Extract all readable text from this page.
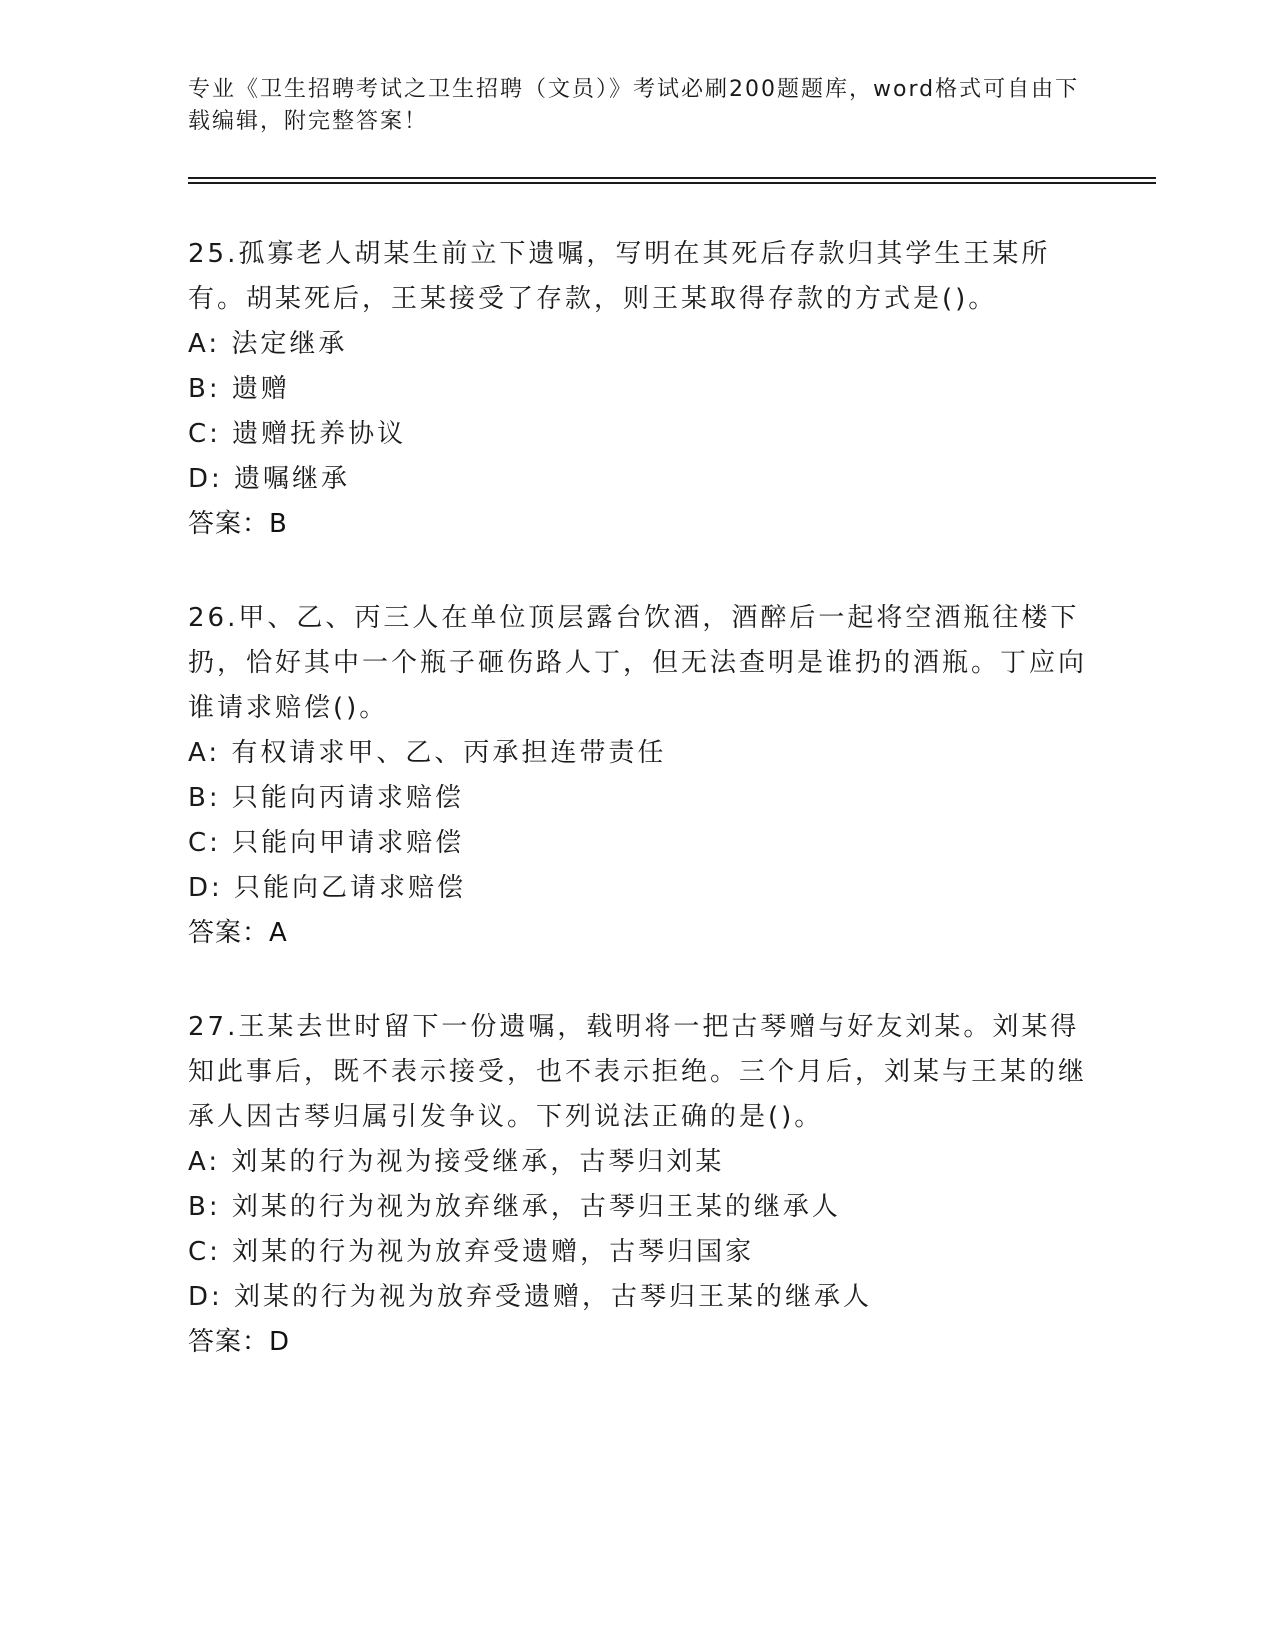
专业《卫生招聘考试之卫生招聘（文员）》考试必刷200题题库，word格式可自由下载编辑，附完整答案！
25.孤寡老人胡某生前立下遗嘱，写明在其死后存款归其学生王某所有。胡某死后，王某接受了存款，则王某取得存款的方式是()。
A: 法定继承
B: 遗赠
C: 遗赠抚养协议
D: 遗嘱继承
答案：B
26.甲、乙、丙三人在单位顶层露台饮酒，酒醉后一起将空酒瓶往楼下扔，恰好其中一个瓶子砸伤路人丁，但无法查明是谁扔的酒瓶。丁应向谁请求赔偿()。
A: 有权请求甲、乙、丙承担连带责任
B: 只能向丙请求赔偿
C: 只能向甲请求赔偿
D: 只能向乙请求赔偿
答案：A
27.王某去世时留下一份遗嘱，载明将一把古琴赠与好友刘某。刘某得知此事后，既不表示接受，也不表示拒绝。三个月后，刘某与王某的继承人因古琴归属引发争议。下列说法正确的是()。
A: 刘某的行为视为接受继承，古琴归刘某
B: 刘某的行为视为放弃继承，古琴归王某的继承人
C: 刘某的行为视为放弃受遗赠，古琴归国家
D: 刘某的行为视为放弃受遗赠，古琴归王某的继承人
答案：D
